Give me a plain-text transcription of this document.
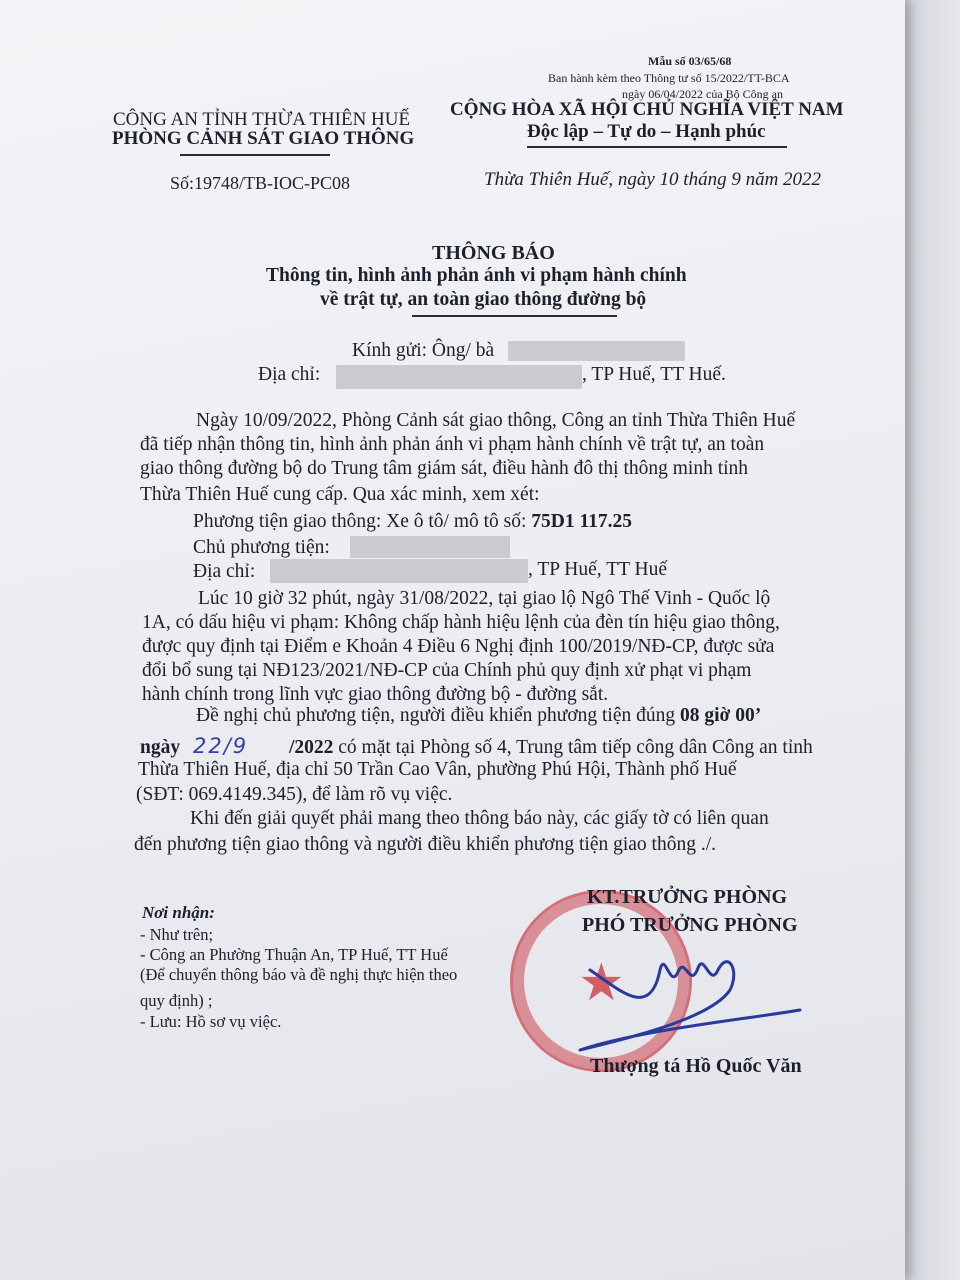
Mẫu số 03/65/68
Ban hành kèm theo Thông tư số 15/2022/TT-BCA
ngày 06/04/2022 của Bộ Công an
CÔNG AN TỈNH THỪA THIÊN HUẾ
PHÒNG CẢNH SÁT GIAO THÔNG
Số:19748/TB-IOC-PC08
CỘNG HÒA XÃ HỘI CHỦ NGHĨA VIỆT NAM
Độc lập – Tự do – Hạnh phúc
Thừa Thiên Huế, ngày 10 tháng 9 năm 2022
THÔNG BÁO
Thông tin, hình ảnh phản ánh vi phạm hành chính
về trật tự, an toàn giao thông đường bộ
Kính gửi: Ông/ bà
Địa chỉ:	, TP Huế, TT Huế.
Ngày 10/09/2022, Phòng Cảnh sát giao thông, Công an tỉnh Thừa Thiên Huế
đã tiếp nhận thông tin, hình ảnh phản ánh vi phạm hành chính về trật tự, an toàn
giao thông đường bộ do Trung tâm giám sát, điều hành đô thị thông minh tỉnh
Thừa Thiên Huế cung cấp. Qua xác minh, xem xét:
Phương tiện giao thông: Xe ô tô/ mô tô số: 75D1 117.25
Chủ phương tiện:
Địa chỉ:	, TP Huế, TT Huế
Lúc 10 giờ 32 phút, ngày 31/08/2022, tại giao lộ Ngô Thế Vinh - Quốc lộ
1A, có dấu hiệu vi phạm: Không chấp hành hiệu lệnh của đèn tín hiệu giao thông,
được quy định tại Điểm e Khoản 4 Điều 6 Nghị định 100/2019/NĐ-CP, được sửa
đổi bổ sung tại NĐ123/2021/NĐ-CP của Chính phủ quy định xử phạt vi phạm
hành chính trong lĩnh vực giao thông đường bộ - đường sắt.
Đề nghị chủ phương tiện, người điều khiển phương tiện đúng 08 giờ 00’
ngày 22/9 /2022 có mặt tại Phòng số 4, Trung tâm tiếp công dân Công an tỉnh
Thừa Thiên Huế, địa chỉ 50 Trần Cao Vân, phường Phú Hội, Thành phố Huế
(SĐT: 069.4149.345), để làm rõ vụ việc.
Khi đến giải quyết phải mang theo thông báo này, các giấy tờ có liên quan
đến phương tiện giao thông và người điều khiển phương tiện giao thông ./.
Nơi nhận:
- Như trên;
- Công an Phường Thuận An, TP Huế, TT Huế
(Để chuyển thông báo và đề nghị thực hiện theo
quy định) ;
- Lưu: Hồ sơ vụ việc.
★
KT.TRƯỞNG PHÒNG
PHÓ TRƯỞNG PHÒNG
Thượng tá Hồ Quốc Văn
